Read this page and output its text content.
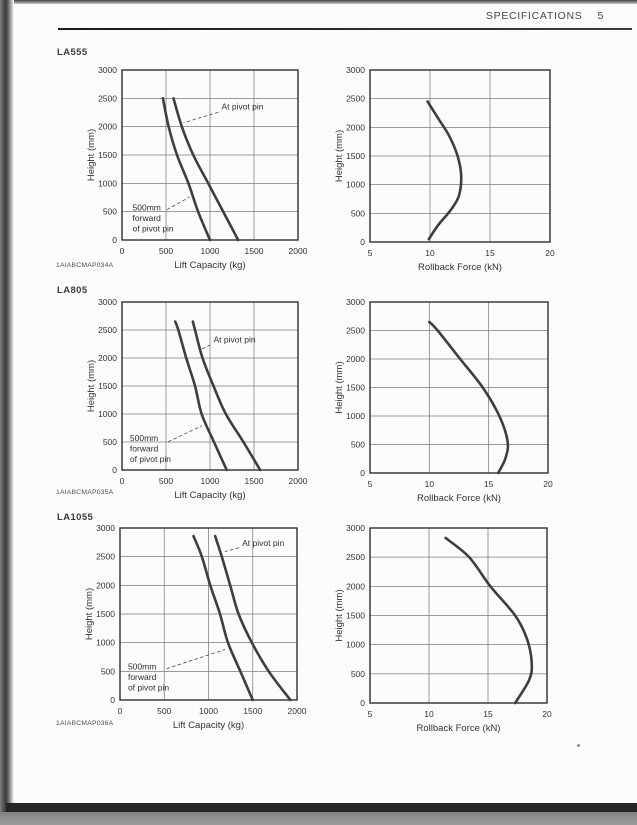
SPECIFICATIONS 5
LA555
LA805
LA1055
At pivot pin
500mm
forward
of pivot pin
0
500
1000
1500
2000
2500
3000
0	500	1000	1500	2000
Lift Capacity (kg)
Height (mm)
0
500
1000
1500
2000
2500
3000
5	10	15	20
Rollback Force (kN)
Height (mm)
At pivot pin
500mm
forward
of pivot pin
0
500
1000
1500
2000
2500
3000
0	500	1000	1500	2000
Lift Capacity (kg)
Height (mm)
0
500
1000
1500
2000
2500
3000
5	10	15	20
Rollback Force (kN)
Height (mm)
At pivot pin
500mm
forward
of pivot pin
0
500
1000
1500
2000
2500
3000
0	500	1000	1500	2000
Lift Capacity (kg)
Height (mm)
0
500
1000
1500
2000
2500
3000
5	10	15	20
Rollback Force (kN)
Height (mm)
1AIABCMAP034A
1AIABCMAP035A
1AIABCMAP036A
